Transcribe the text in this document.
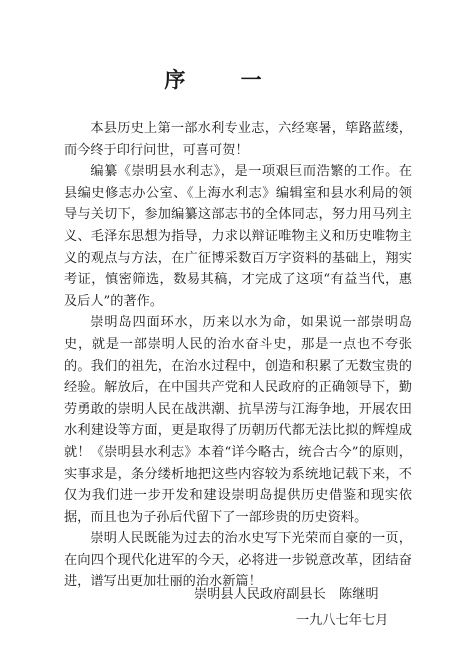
序 一

本县历史上第一部水利专业志，六经寒暑，筚路蓝缕，而今终于印行问世，可喜可贺！

编纂《崇明县水利志》，是一项艰巨而浩繁的工作。在县编史修志办公室、《上海水利志》编辑室和县水利局的领导与关切下，参加编纂这部志书的全体同志，努力用马列主义、毛泽东思想为指导，力求以辩证唯物主义和历史唯物主义的观点与方法，在广征博采数百万字资料的基础上，翔实考证，慎密筛选，数易其稿，才完成了这项“有益当代，惠及后人”的著作。

崇明岛四面环水，历来以水为命，如果说一部崇明岛史，就是一部崇明人民的治水奋斗史，那是一点也不夸张的。我们的祖先，在治水过程中，创造和积累了无数宝贵的经验。解放后，在中国共产党和人民政府的正确领导下，勤劳勇敢的崇明人民在战洪潮、抗旱涝与江海争地，开展农田水利建设等方面，更是取得了历朝历代都无法比拟的辉煌成就！《崇明县水利志》本着“详今略古，统合古今”的原则，实事求是，条分缕析地把这些内容较为系统地记载下来，不仅为我们进一步开发和建设崇明岛提供历史借鉴和现实依据，而且也为子孙后代留下了一部珍贵的历史资料。

崇明人民既能为过去的治水史写下光荣而自豪的一页，在向四个现代化进军的今天，必将进一步锐意改革，团结奋进，谱写出更加壮丽的治水新篇！

崇明县人民政府副县长　陈继明

一九八七年七月
